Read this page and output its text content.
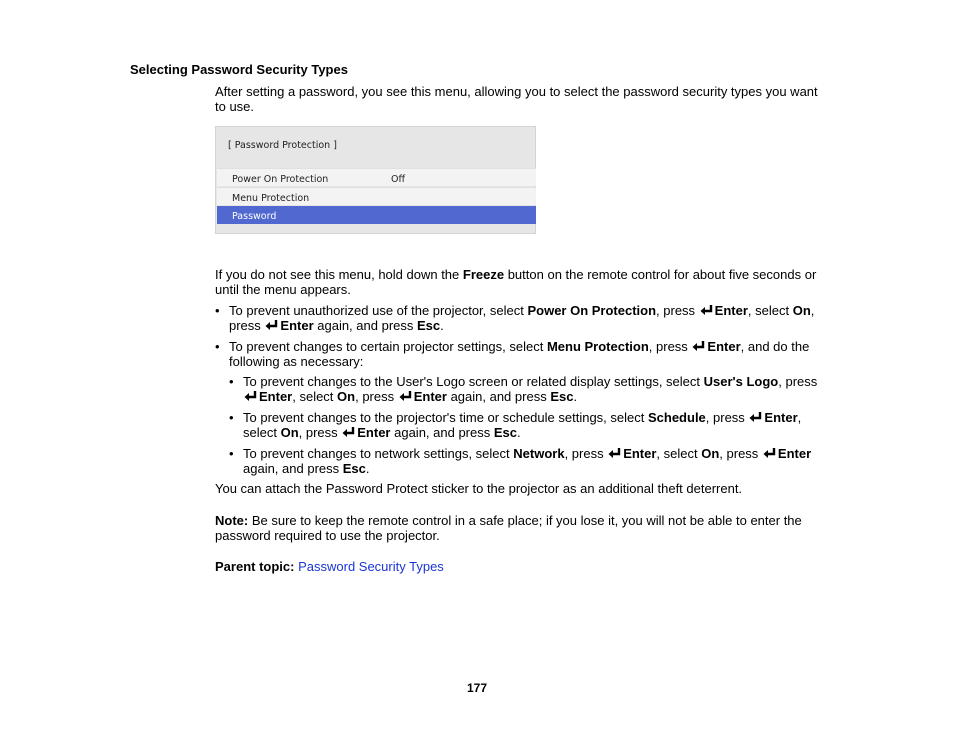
Selecting Password Security Types
After setting a password, you see this menu, allowing you to select the password security types you want to use.
[ Password Protection ]
Power On Protection	Off
Menu Protection
Password
If you do not see this menu, hold down the Freeze button on the remote control for about five seconds or until the menu appears.
• To prevent unauthorized use of the projector, select Power On Protection, press
Enter, select On, press
Enter again, and press Esc.
• To prevent changes to certain projector settings, select Menu Protection, press
Enter, and do the following as necessary:
• To prevent changes to the User's Logo screen or related display settings, select User's Logo, press
Enter, select On, press
Enter again, and press Esc.
• To prevent changes to the projector's time or schedule settings, select Schedule, press
Enter, select On, press
Enter again, and press Esc.
• To prevent changes to network settings, select Network, press
Enter, select On, press
Enter again, and press Esc.
You can attach the Password Protect sticker to the projector as an additional theft deterrent.
Note: Be sure to keep the remote control in a safe place; if you lose it, you will not be able to enter the password required to use the projector.
Parent topic: Password Security Types
177
